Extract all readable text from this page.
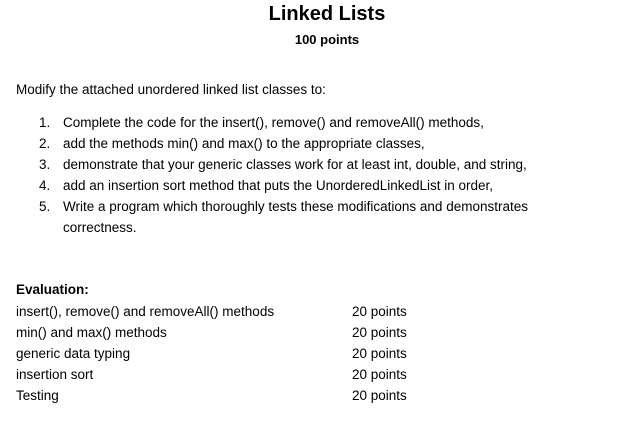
Linked Lists
100 points
Modify the attached unordered linked list classes to:
1. Complete the code for the insert(), remove() and removeAll() methods,
2. add the methods min() and max() to the appropriate classes,
3. demonstrate that your generic classes work for at least int, double, and string,
4. add an insertion sort method that puts the UnorderedLinkedList in order,
5. Write a program which thoroughly tests these modifications and demonstrates correctness.
Evaluation:
insert(), remove() and removeAll() methods	20 points
min() and max() methods	20 points
generic data typing	20 points
insertion sort	20 points
Testing	20 points
